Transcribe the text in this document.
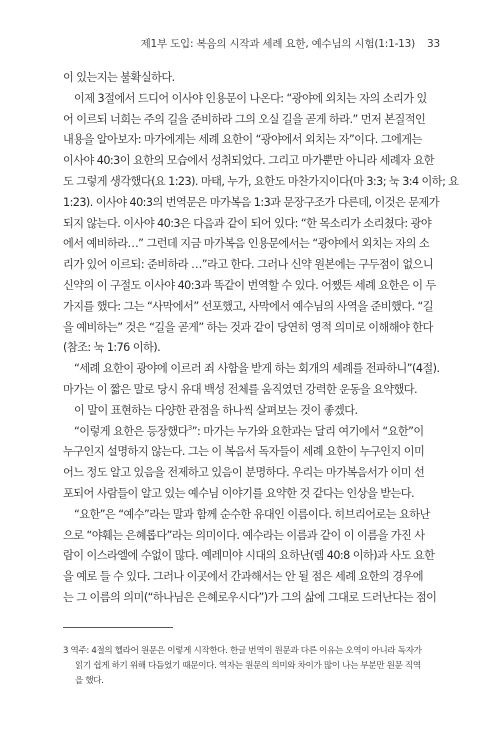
제1부 도입: 복음의 시작과 세례 요한, 예수님의 시험(1:1-13) 33
이 있는지는 불확실하다.
이제 3절에서 드디어 이사야 인용문이 나온다: “광야에 외치는 자의 소리가 있
어 이르되 너희는 주의 길을 준비하라 그의 오실 길을 곧게 하라.” 먼저 본질적인
내용을 알아보자: 마가에게는 세례 요한이 “광야에서 외치는 자”이다. 그에게는
이사야 40:3이 요한의 모습에서 성취되었다. 그리고 마가뿐만 아니라 세례자 요한
도 그렇게 생각했다(요 1:23). 마태, 누가, 요한도 마찬가지이다(마 3:3; 눅 3:4 이하; 요
1:23). 이사야 40:3의 번역문은 마가복음 1:3과 문장구조가 다른데, 이것은 문제가
되지 않는다. 이사야 40:3은 다음과 같이 되어 있다: “한 목소리가 소리쳤다: 광야
에서 예비하라…” 그런데 지금 마가복음 인용문에서는 “광야에서 외치는 자의 소
리가 있어 이르되: 준비하라 …”라고 한다. 그러나 신약 원본에는 구두점이 없으니
신약의 이 구절도 이사야 40:3과 똑같이 번역할 수 있다. 어쨌든 세례 요한은 이 두
가지를 했다: 그는 “사막에서” 선포했고, 사막에서 예수님의 사역을 준비했다. “길
을 예비하는” 것은 “길을 곧게” 하는 것과 같이 당연히 영적 의미로 이해해야 한다
(참조: 눅 1:76 이하).
“세례 요한이 광야에 이르러 죄 사함을 받게 하는 회개의 세례를 전파하니”(4절).
마가는 이 짧은 말로 당시 유대 백성 전체를 움직였던 강력한 운동을 요약했다.
이 말이 표현하는 다양한 관점을 하나씩 살펴보는 것이 좋겠다.
“이렇게 요한은 등장했다$^3$”: 마가는 누가와 요한과는 달리 여기에서 “요한”이
누구인지 설명하지 않는다. 그는 이 복음서 독자들이 세례 요한이 누구인지 이미
어느 정도 알고 있음을 전제하고 있음이 분명하다. 우리는 마가복음서가 이미 선
포되어 사람들이 알고 있는 예수님 이야기를 요약한 것 같다는 인상을 받는다.
“요한”은 “예수”라는 말과 함께 순수한 유대인 이름이다. 히브리어로는 요하난
으로 “야훼는 은혜롭다”라는 의미이다. 예수라는 이름과 같이 이 이름을 가진 사
람이 이스라엘에 수없이 많다. 예레미야 시대의 요하난(렘 40:8 이하)과 사도 요한
을 예로 들 수 있다. 그러나 이곳에서 간과해서는 안 될 점은 세례 요한의 경우에
는 그 이름의 의미(“하나님은 은혜로우시다”)가 그의 삶에 그대로 드러난다는 점이
3 역주: 4절의 헬라어 원문은 이렇게 시작한다. 한글 번역이 원문과 다른 이유는 오역이 아니라 독자가
읽기 쉽게 하기 위해 다듬었기 때문이다. 역자는 원문의 의미와 차이가 많이 나는 부분만 원문 직역
을 했다.
